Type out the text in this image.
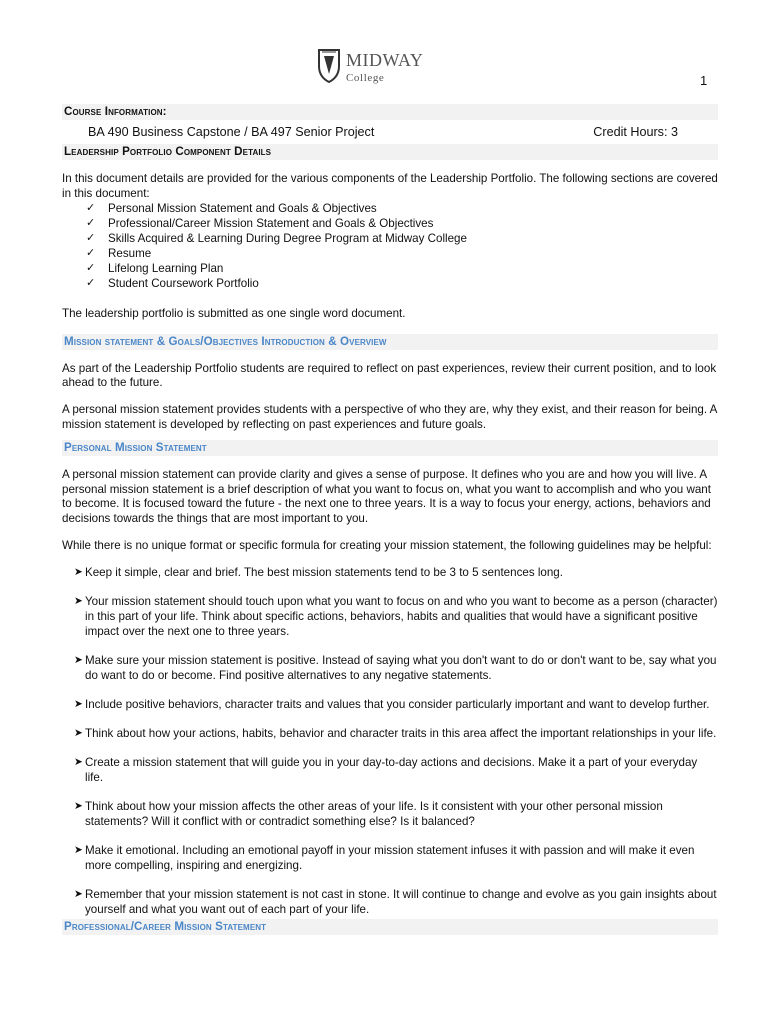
MIDWAY
College	1
Course Information:
BA 490 Business Capstone / BA 497 Senior Project	Credit Hours: 3
Leadership Portfolio Component Details

In this document details are provided for the various components of the Leadership Portfolio. The following sections are covered in this document:

✓ Personal Mission Statement and Goals & Objectives
✓ Professional/Career Mission Statement and Goals & Objectives
✓ Skills Acquired & Learning During Degree Program at Midway College
✓ Resume
✓ Lifelong Learning Plan
✓ Student Coursework Portfolio

The leadership portfolio is submitted as one single word document.

Mission statement & Goals/Objectives Introduction & Overview

As part of the Leadership Portfolio students are required to reflect on past experiences, review their current position, and to look ahead to the future.

A personal mission statement provides students with a perspective of who they are, why they exist, and their reason for being. A mission statement is developed by reflecting on past experiences and future goals.

Personal Mission Statement

A personal mission statement can provide clarity and gives a sense of purpose. It defines who you are and how you will live. A personal mission statement is a brief description of what you want to focus on, what you want to accomplish and who you want to become. It is focused toward the future - the next one to three years. It is a way to focus your energy, actions, behaviors and decisions towards the things that are most important to you.

While there is no unique format or specific formula for creating your mission statement, the following guidelines may be helpful:

➤ Keep it simple, clear and brief. The best mission statements tend to be 3 to 5 sentences long.
➤ Your mission statement should touch upon what you want to focus on and who you want to become as a person (character) in this part of your life. Think about specific actions, behaviors, habits and qualities that would have a significant positive impact over the next one to three years.
➤ Make sure your mission statement is positive. Instead of saying what you don't want to do or don't want to be, say what you do want to do or become. Find positive alternatives to any negative statements.
➤ Include positive behaviors, character traits and values that you consider particularly important and want to develop further.
➤ Think about how your actions, habits, behavior and character traits in this area affect the important relationships in your life.
➤ Create a mission statement that will guide you in your day-to-day actions and decisions. Make it a part of your everyday life.
➤ Think about how your mission affects the other areas of your life. Is it consistent with your other personal mission statements? Will it conflict with or contradict something else? Is it balanced?
➤ Make it emotional. Including an emotional payoff in your mission statement infuses it with passion and will make it even more compelling, inspiring and energizing.
➤ Remember that your mission statement is not cast in stone. It will continue to change and evolve as you gain insights about yourself and what you want out of each part of your life.
Professional/Career Mission Statement
